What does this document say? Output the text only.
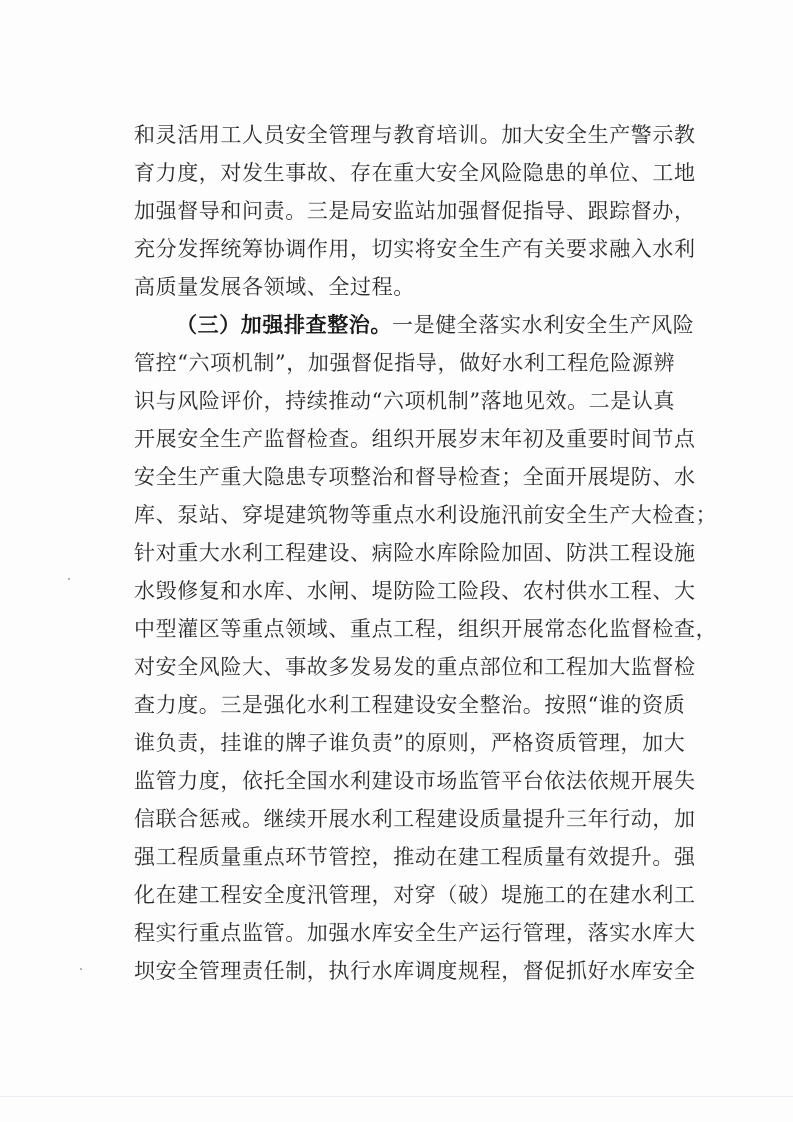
和灵活用工人员安全管理与教育培训。加大安全生产警示教
育力度，对发生事故、存在重大安全风险隐患的单位、工地
加强督导和问责。三是局安监站加强督促指导、跟踪督办，
充分发挥统筹协调作用，切实将安全生产有关要求融入水利
高质量发展各领域、全过程。
（三）加强排查整治。一是健全落实水利安全生产风险
管控“六项机制”，加强督促指导，做好水利工程危险源辨
识与风险评价，持续推动“六项机制”落地见效。二是认真
开展安全生产监督检查。组织开展岁末年初及重要时间节点
安全生产重大隐患专项整治和督导检查；全面开展堤防、水
库、泵站、穿堤建筑物等重点水利设施汛前安全生产大检查；
针对重大水利工程建设、病险水库除险加固、防洪工程设施
水毁修复和水库、水闸、堤防险工险段、农村供水工程、大
中型灌区等重点领域、重点工程，组织开展常态化监督检查，
对安全风险大、事故多发易发的重点部位和工程加大监督检
查力度。三是强化水利工程建设安全整治。按照“谁的资质
谁负责，挂谁的牌子谁负责”的原则，严格资质管理，加大
监管力度，依托全国水利建设市场监管平台依法依规开展失
信联合惩戒。继续开展水利工程建设质量提升三年行动，加
强工程质量重点环节管控，推动在建工程质量有效提升。强
化在建工程安全度汛管理，对穿（破）堤施工的在建水利工
程实行重点监管。加强水库安全生产运行管理，落实水库大
坝安全管理责任制，执行水库调度规程，督促抓好水库安全
